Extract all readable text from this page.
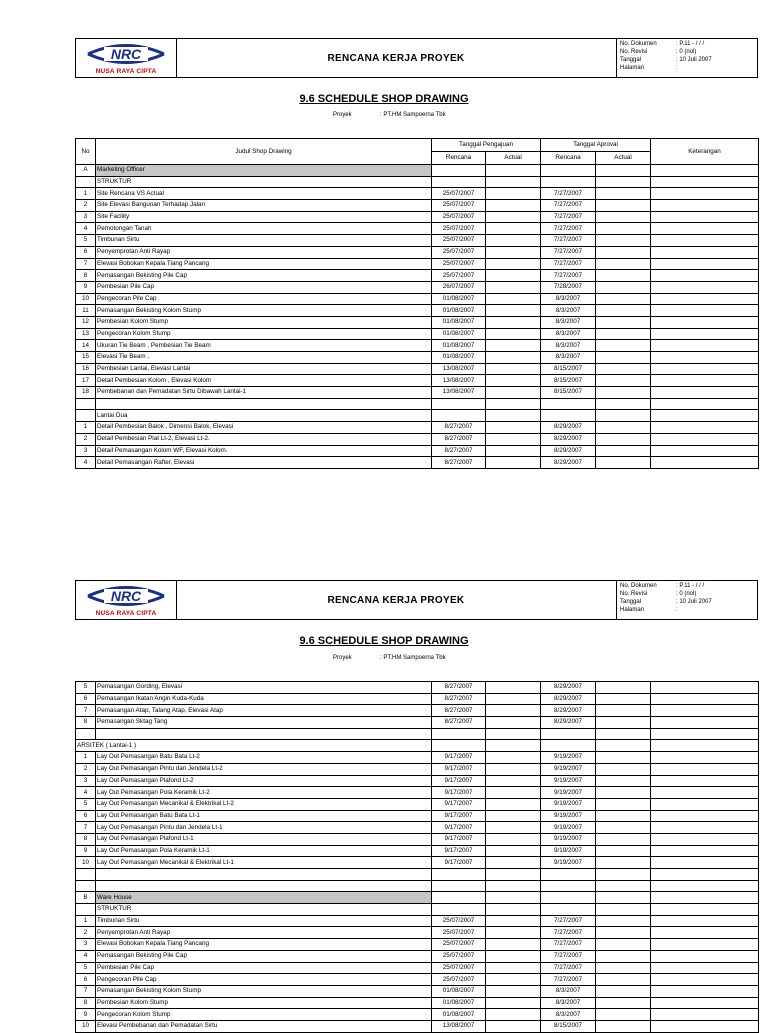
NRC
NUSA RAYA CIPTA
RENCANA KERJA PROYEK
No. Dokumen	: P.11 - / / /
No. Revisi	: 0 (nol)
Tanggal	: 10 Juli 2007
Halaman	:
9.6 SCHEDULE SHOP DRAWING
Proyek	: PT.HM Sampoerna Tbk
No	Judul Shop Drawing	Tanggal Pengajuan		Tanggal Aproval		Keterangan
		Rencana	Actual	Rencana	Actual	
A	Marketing Officer					
	STRUKTUR					
1	Site Rencana VS Actual	25/07/2007		7/27/2007		
2	Site Elevasi Bangunan Terhadap Jalan	25/07/2007		7/27/2007		
3	Site Facility	25/07/2007		7/27/2007		
4	Pemotongan Tanah	25/07/2007		7/27/2007		
5	Timbunan Sirtu	25/07/2007		7/27/2007		
6	Penyemprotan Anti Rayap	25/07/2007		7/27/2007		
7	Elevasi Bobokan Kepala Tiang Pancang	25/07/2007		7/27/2007		
8	Pemasangan Bekisting Pile Cap	25/07/2007		7/27/2007		
9	Pembesian Pile Cap	26/07/2007		7/28/2007		
10	Pengecoran Pile Cap	01/08/2007		8/3/2007		
11	Pemasangan Bekisting Kolom Stump	01/08/2007		8/3/2007		
12	Pembesian Kolom Stump	01/08/2007		8/3/2007		
13	Pengecoran Kolom Stump	01/08/2007		8/3/2007		
14	Ukuran Tie Beam , Pembesian Tie Beam	01/08/2007		8/3/2007		
15	Elevasi Tie Beam ,	01/08/2007		8/3/2007		
16	Pembesian Lantai, Elevasi Lantai	13/08/2007		8/15/2007		
17	Detail Pembesian Kolom , Elevasi Kolom	13/08/2007		8/15/2007		
18	Pembebanan dan Pemadatan Sirtu Dibawah Lantai-1	13/08/2007		8/15/2007		

	Lantai Dua					
1	Detail Pembesian Balok , Dimensi Balok, Elevasi	8/27/2007		8/29/2007		
2	Detail Pembesian Plat Lt-2, Elevasi Lt-2.	8/27/2007		8/29/2007		
3	Detail Pemasangan Kolom WF, Elevasi Kolom.	8/27/2007		8/29/2007		
4	Detail Pemasangan Rafter, Elevasi	8/27/2007		8/29/2007		
NRC
NUSA RAYA CIPTA
RENCANA KERJA PROYEK
No. Dokumen	: P.11 - / / /
No. Revisi	: 0 (nol)
Tanggal	: 10 Juli 2007
Halaman	:
9.6 SCHEDULE SHOP DRAWING
Proyek	: PT.HM Sampoerna Tbk
5	Pemasangan Gording, Elevasi	8/27/2007		8/29/2007		
6	Pemasangan Ikatan Angin Kuda-Kuda	8/27/2007		8/29/2007		
7	Pemasangan Atap, Talang Atap, Elevasi Atap	8/27/2007		8/29/2007		
8	Pemasangan Sktag Tang	8/27/2007		8/29/2007		

ARSITEK ( Lantai-1 )						
1	Lay Out Pemasangan Batu Bata Lt-2	9/17/2007		9/19/2007		
2	Lay Out Pemasangan Pintu dan Jendela Lt-2	9/17/2007		9/19/2007		
3	Lay Out Pemasangan Plafond Lt-2	9/17/2007		9/19/2007		
4	Lay Out Pemasangan Pola Keramik Lt-2	9/17/2007		9/19/2007		
5	Lay Out Pemasangan Mecanikal & Elektrikal Lt-2	9/17/2007		9/19/2007		
6	Lay Out Pemasangan Batu Bata Lt-1	9/17/2007		9/19/2007		
7	Lay Out Pemasangan Pintu dan Jendela Lt-1	9/17/2007		9/19/2007		
8	Lay Out Pemasangan Plafond Lt-1	9/17/2007		9/19/2007		
9	Lay Out Pemasangan Pola Keramik Lt-1	9/17/2007		9/19/2007		
10	Lay Out Pemasangan Mecanikal & Elektrikal Lt-1	9/17/2007		9/19/2007		

B	Ware House					
	STRUKTUR					
1	Timbunan Sirtu	25/07/2007		7/27/2007		
2	Penyemprotan Anti Rayap	25/07/2007		7/27/2007		
3	Elevasi Bobokan Kepala Tiang Pancang	25/07/2007		7/27/2007		
4	Pemasangan Bekisting Pile Cap	25/07/2007		7/27/2007		
5	Pembesian Pile Cap	25/07/2007		7/27/2007		
6	Pengecoran Pile Cap	25/07/2007		7/27/2007		
7	Pemasangan Bekisting Kolom Stump	01/08/2007		8/3/2007		
8	Pembesian Kolom Stump	01/08/2007		8/3/2007		
9	Pengecoran Kolom Stump	01/08/2007		8/3/2007		
10	Elevasi Pembebanan dan Pemadatan Sirtu	13/08/2007		8/15/2007		
